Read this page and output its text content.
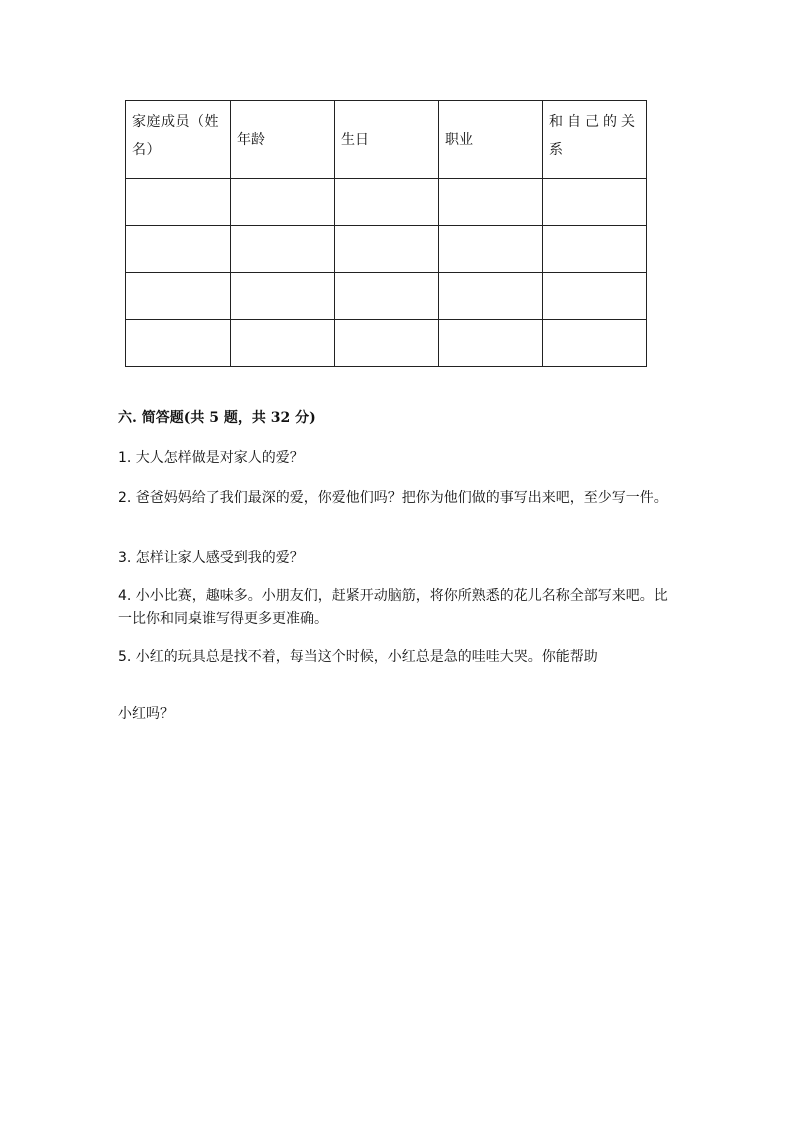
家庭成员（姓名）	年龄	生日	职业	和自己的关系

六. 简答题(共 5 题，共 32 分)

1. 大人怎样做是对家人的爱？

2. 爸爸妈妈给了我们最深的爱，你爱他们吗？把你为他们做的事写出来吧，至少写一件。

3. 怎样让家人感受到我的爱？

4. 小小比赛，趣味多。小朋友们，赶紧开动脑筋，将你所熟悉的花儿名称全部写来吧。比一比你和同桌谁写得更多更准确。

5. 小红的玩具总是找不着，每当这个时候，小红总是急的哇哇大哭。你能帮助

小红吗？
